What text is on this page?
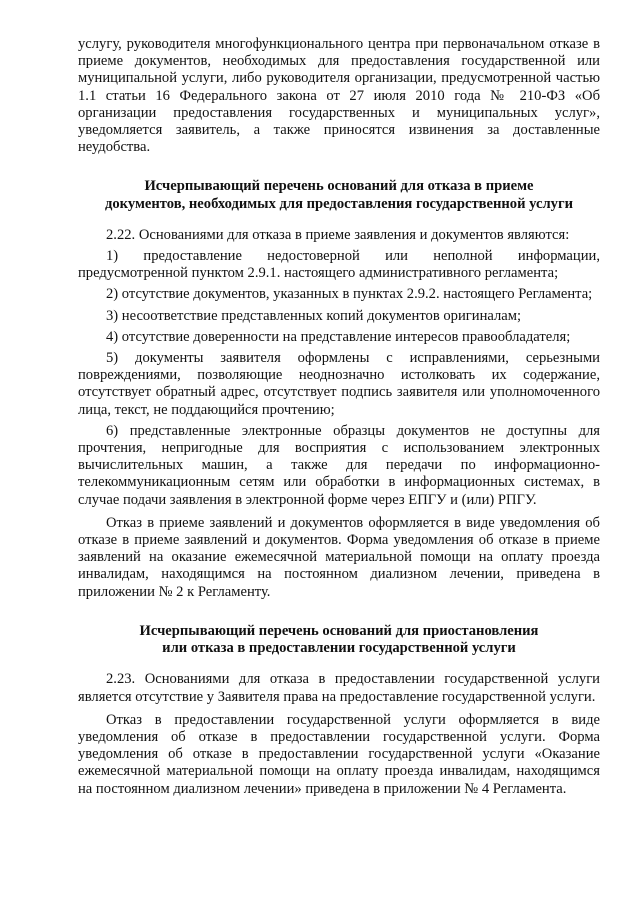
услугу, руководителя многофункционального центра при первоначальном отказе в приеме документов, необходимых для предоставления государственной или муниципальной услуги, либо руководителя организации, предусмотренной частью 1.1 статьи 16 Федерального закона от 27 июля 2010 года № 210-ФЗ «Об организации предоставления государственных и муниципальных услуг», уведомляется заявитель, а также приносятся извинения за доставленные неудобства.

Исчерпывающий перечень оснований для отказа в приеме

документов, необходимых для предоставления государственной услуги

2.22. Основаниями для отказа в приеме заявления и документов являются:

1) предоставление недостоверной или неполной информации, предусмотренной пунктом 2.9.1. настоящего административного регламента;

2) отсутствие документов, указанных в пунктах 2.9.2. настоящего Регламента;

3) несоответствие представленных копий документов оригиналам;

4) отсутствие доверенности на представление интересов правообладателя;

5) документы заявителя оформлены с исправлениями, серьезными повреждениями, позволяющие неоднозначно истолковать их содержание, отсутствует обратный адрес, отсутствует подпись заявителя или уполномоченного лица, текст, не поддающийся прочтению;

6) представленные электронные образцы документов не доступны для прочтения, непригодные для восприятия с использованием электронных вычислительных машин, а также для передачи по информационно-телекоммуникационным сетям или обработки в информационных системах, в случае подачи заявления в электронной форме через ЕПГУ и (или) РПГУ.

Отказ в приеме заявлений и документов оформляется в виде уведомления об отказе в приеме заявлений и документов. Форма уведомления об отказе в приеме заявлений на оказание ежемесячной материальной помощи на оплату проезда инвалидам, находящимся на постоянном диализном лечении, приведена в приложении № 2 к Регламенту.

Исчерпывающий перечень оснований для приостановления

или отказа в предоставлении государственной услуги

2.23. Основаниями для отказа в предоставлении государственной услуги является отсутствие у Заявителя права на предоставление государственной услуги.

Отказ в предоставлении государственной услуги оформляется в виде уведомления об отказе в предоставлении государственной услуги. Форма уведомления об отказе в предоставлении государственной услуги «Оказание ежемесячной материальной помощи на оплату проезда инвалидам, находящимся на постоянном диализном лечении» приведена в приложении № 4 Регламента.
